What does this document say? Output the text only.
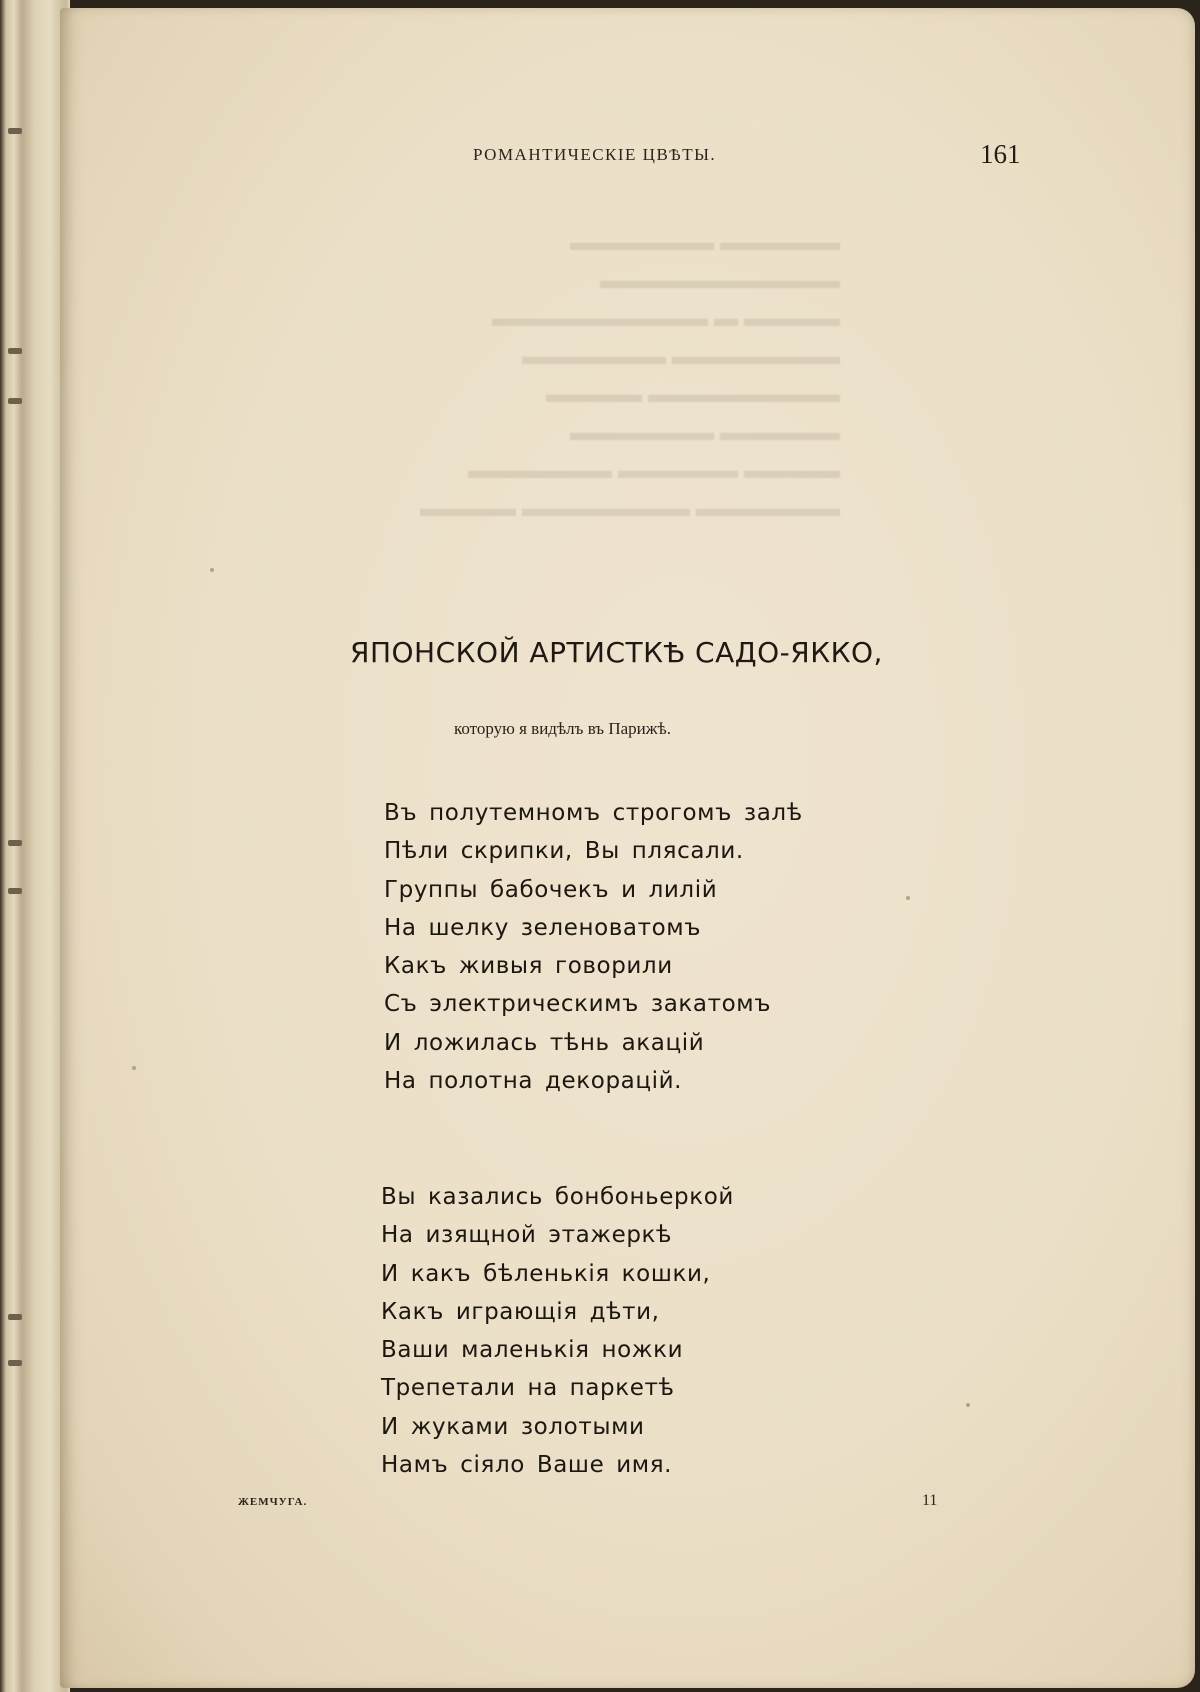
РОМАНТИЧЕСКІЕ ЦВѢТЫ.	161
▬▬▬▬▬ ▬▬▬▬▬▬
▬▬▬▬▬▬▬▬▬▬
▬▬▬▬ ▬ ▬▬▬▬▬▬▬▬▬
▬▬▬▬▬▬▬ ▬▬▬▬▬▬
▬▬▬▬▬▬▬▬ ▬▬▬▬
▬▬▬▬▬ ▬▬▬▬▬▬
▬▬▬▬ ▬▬▬▬▬ ▬▬▬▬▬▬
▬▬▬▬▬▬ ▬▬▬▬▬▬▬ ▬▬▬▬
ЯПОНСКОЙ АРТИСТКѢ САДО-ЯККО,
которую я видѣлъ въ Парижѣ.
Въ полутемномъ строгомъ залѣ
Пѣли скрипки, Вы плясали.
Группы бабочекъ и лилій
На шелку зеленоватомъ
Какъ живыя говорили
Съ электрическимъ закатомъ
И ложилась тѣнь акацій
На полотна декорацій.
Вы казались бонбоньеркой
На изящной этажеркѣ
И какъ бѣленькія кошки,
Какъ играющія дѣти,
Ваши маленькія ножки
Трепетали на паркетѣ
И жуками золотыми
Намъ сіяло Ваше имя.
ЖЕМЧУГА.	11
